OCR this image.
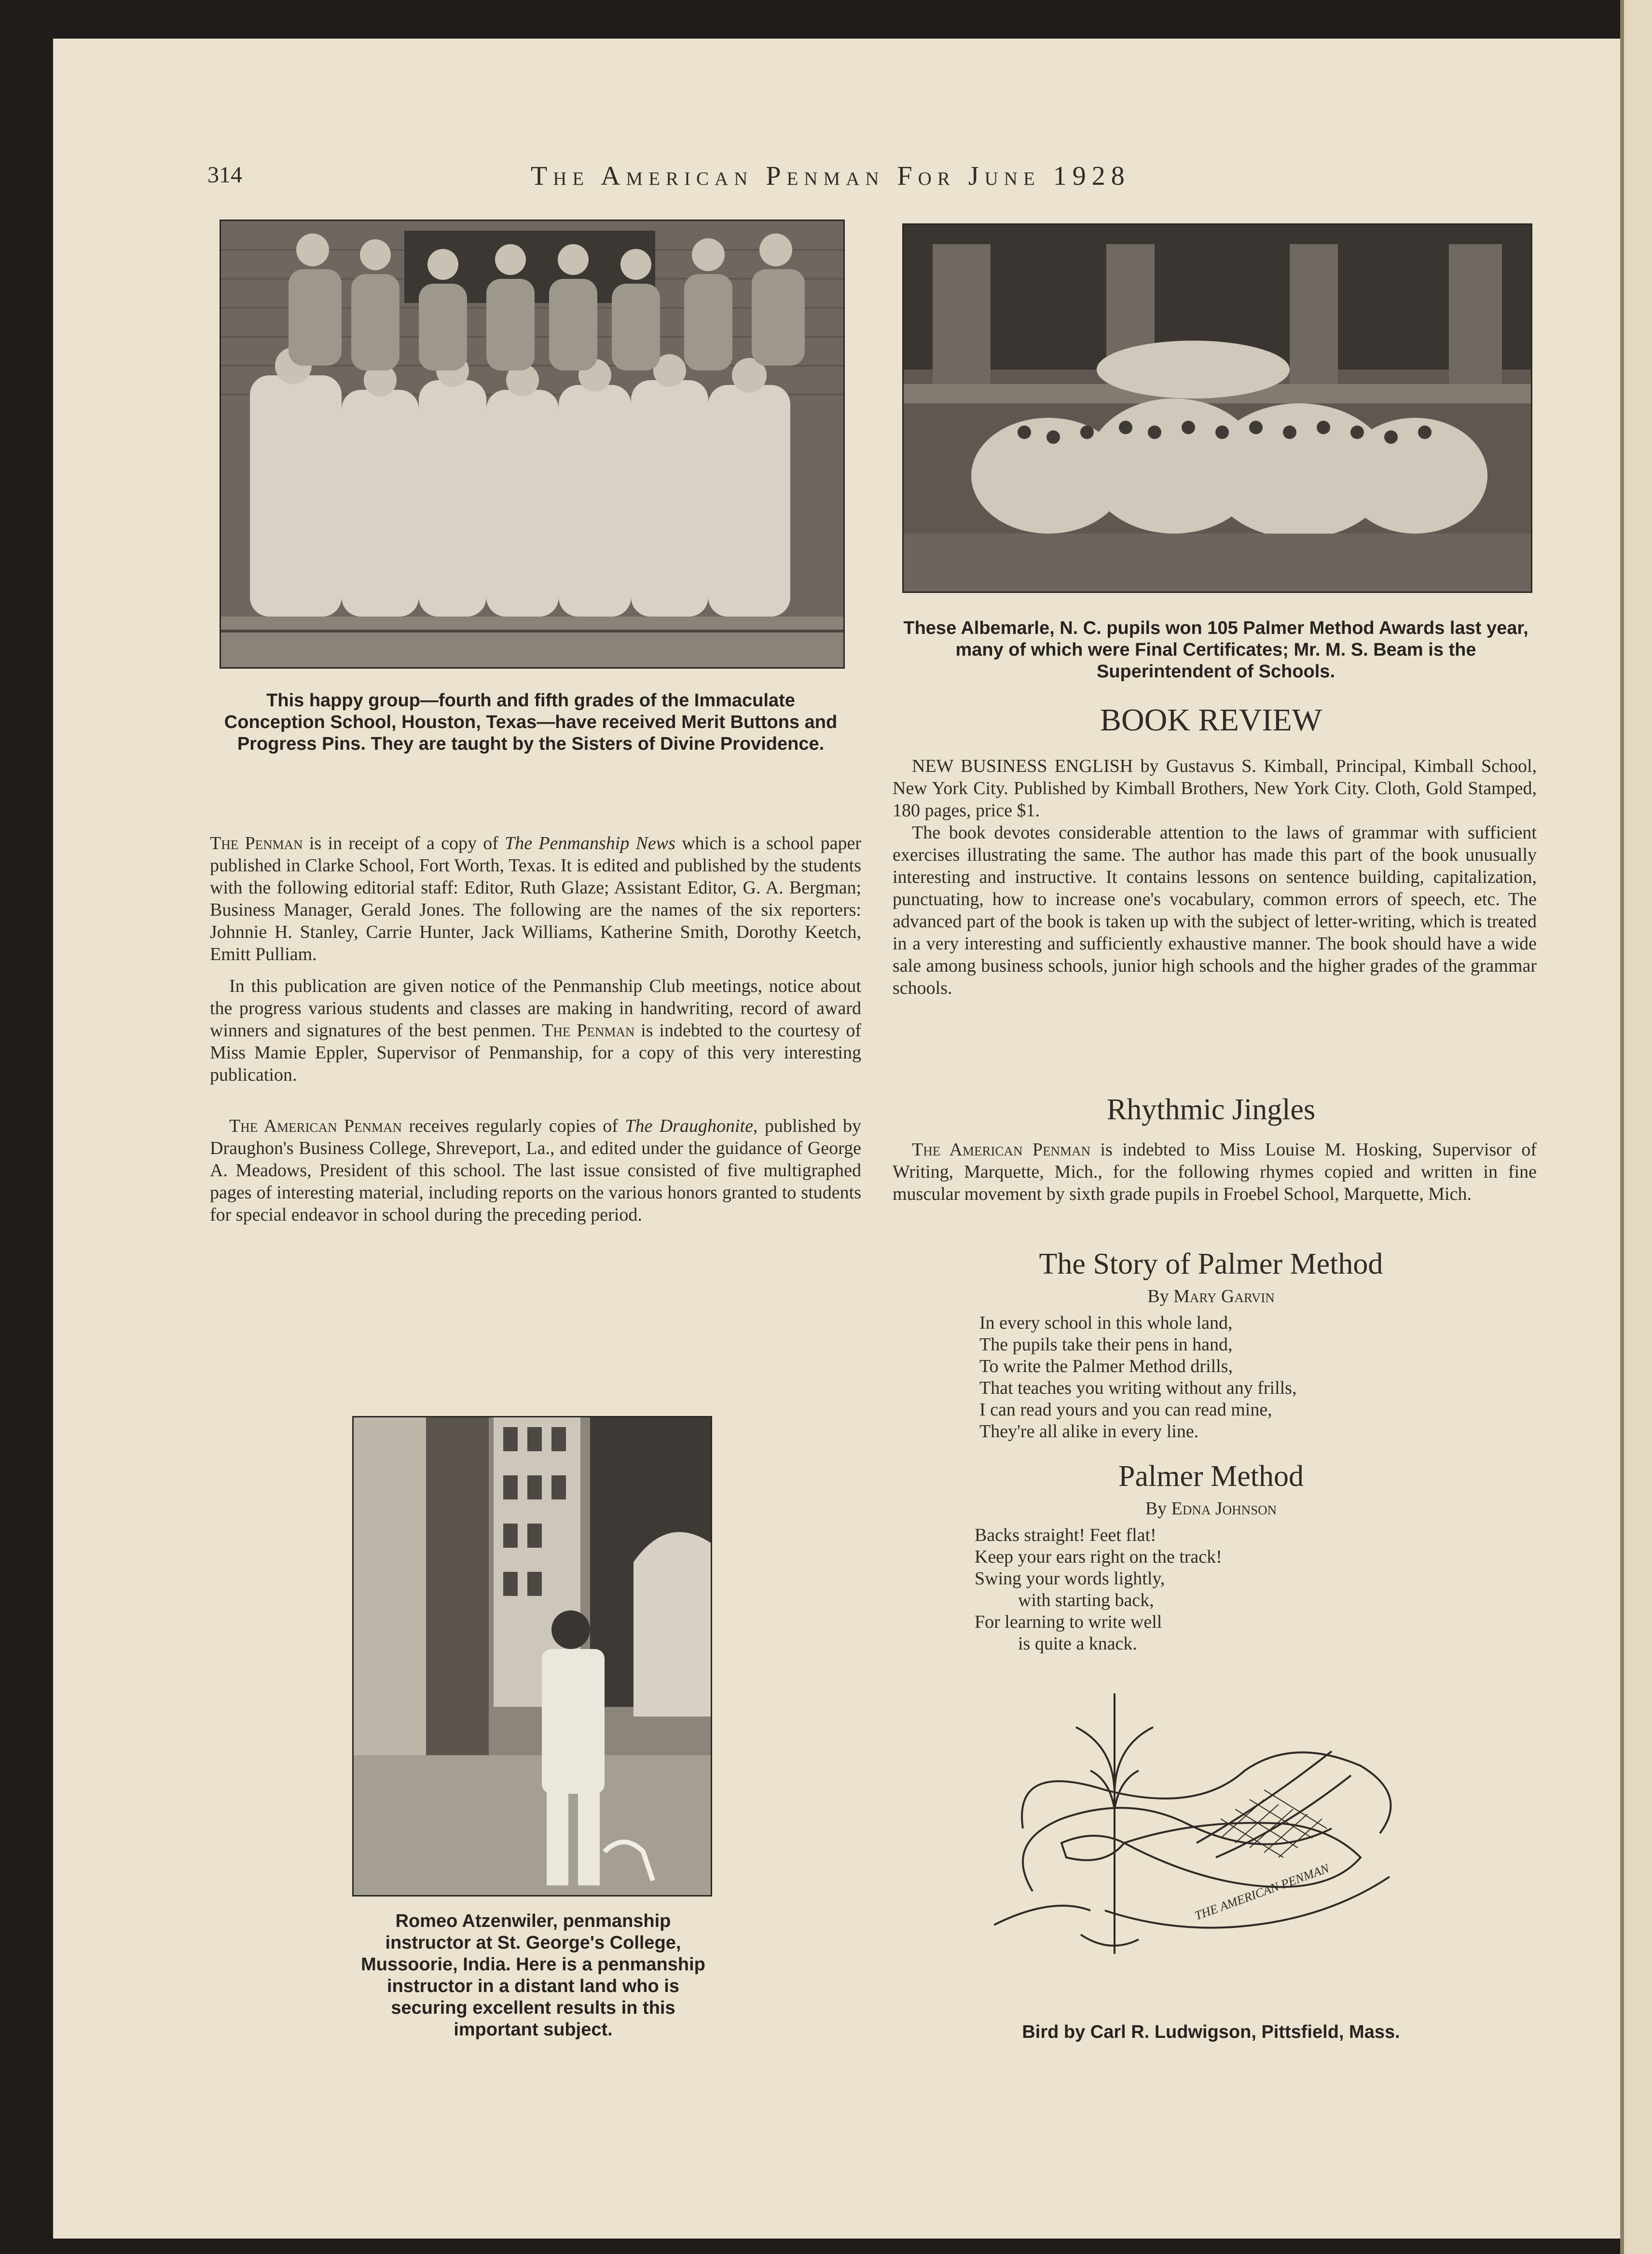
314	The American Penman For June 1928
This happy group—fourth and fifth grades of the Immaculate Conception School, Houston, Texas—have received Merit Buttons and Progress Pins. They are taught by the Sisters of Divine Providence.
These Albemarle, N. C. pupils won 105 Palmer Method Awards last year, many of which were Final Certificates; Mr. M. S. Beam is the Superintendent of Schools.

The Penman is in receipt of a copy of The Penmanship News which is a school paper published in Clarke School, Fort Worth, Texas. It is edited and published by the students with the following editorial staff: Editor, Ruth Glaze; Assistant Editor, G. A. Bergman; Business Manager, Gerald Jones. The following are the names of the six reporters: Johnnie H. Stanley, Carrie Hunter, Jack Williams, Katherine Smith, Dorothy Keetch, Emitt Pulliam.

In this publication are given notice of the Penmanship Club meetings, notice about the progress various students and classes are making in handwriting, record of award winners and signatures of the best penmen. The Penman is indebted to the courtesy of Miss Mamie Eppler, Supervisor of Penmanship, for a copy of this very interesting publication.

The American Penman receives regularly copies of The Draughonite, published by Draughon's Business College, Shreveport, La., and edited under the guidance of George A. Meadows, President of this school. The last issue consisted of five multigraphed pages of interesting material, including reports on the various honors granted to students for special endeavor in school during the preceding period.

Romeo Atzenwiler, penmanship instructor at St. George's College, Mussoorie, India. Here is a penmanship instructor in a distant land who is securing excellent results in this important subject.
BOOK REVIEW

NEW BUSINESS ENGLISH by Gustavus S. Kimball, Principal, Kimball School, New York City. Published by Kimball Brothers, New York City. Cloth, Gold Stamped, 180 pages, price $1.

The book devotes considerable attention to the laws of grammar with sufficient exercises illustrating the same. The author has made this part of the book unusually interesting and instructive. It contains lessons on sentence building, capitalization, punctuating, how to increase one's vocabulary, common errors of speech, etc. The advanced part of the book is taken up with the subject of letter-writing, which is treated in a very interesting and sufficiently exhaustive manner. The book should have a wide sale among business schools, junior high schools and the higher grades of the grammar schools.

Rhythmic Jingles

The American Penman is indebted to Miss Louise M. Hosking, Supervisor of Writing, Marquette, Mich., for the following rhymes copied and written in fine muscular movement by sixth grade pupils in Froebel School, Marquette, Mich.

The Story of Palmer Method
By Mary Garvin
In every school in this whole land,
The pupils take their pens in hand,
To write the Palmer Method drills,
That teaches you writing without any frills,
I can read yours and you can read mine,
They're all alike in every line.
Palmer Method
By Edna Johnson
Backs straight! Feet flat!
Keep your ears right on the track!
Swing your words lightly,
with starting back,
For learning to write well
is quite a knack.
THE AMERICAN PENMAN
Bird by Carl R. Ludwigson, Pittsfield, Mass.
